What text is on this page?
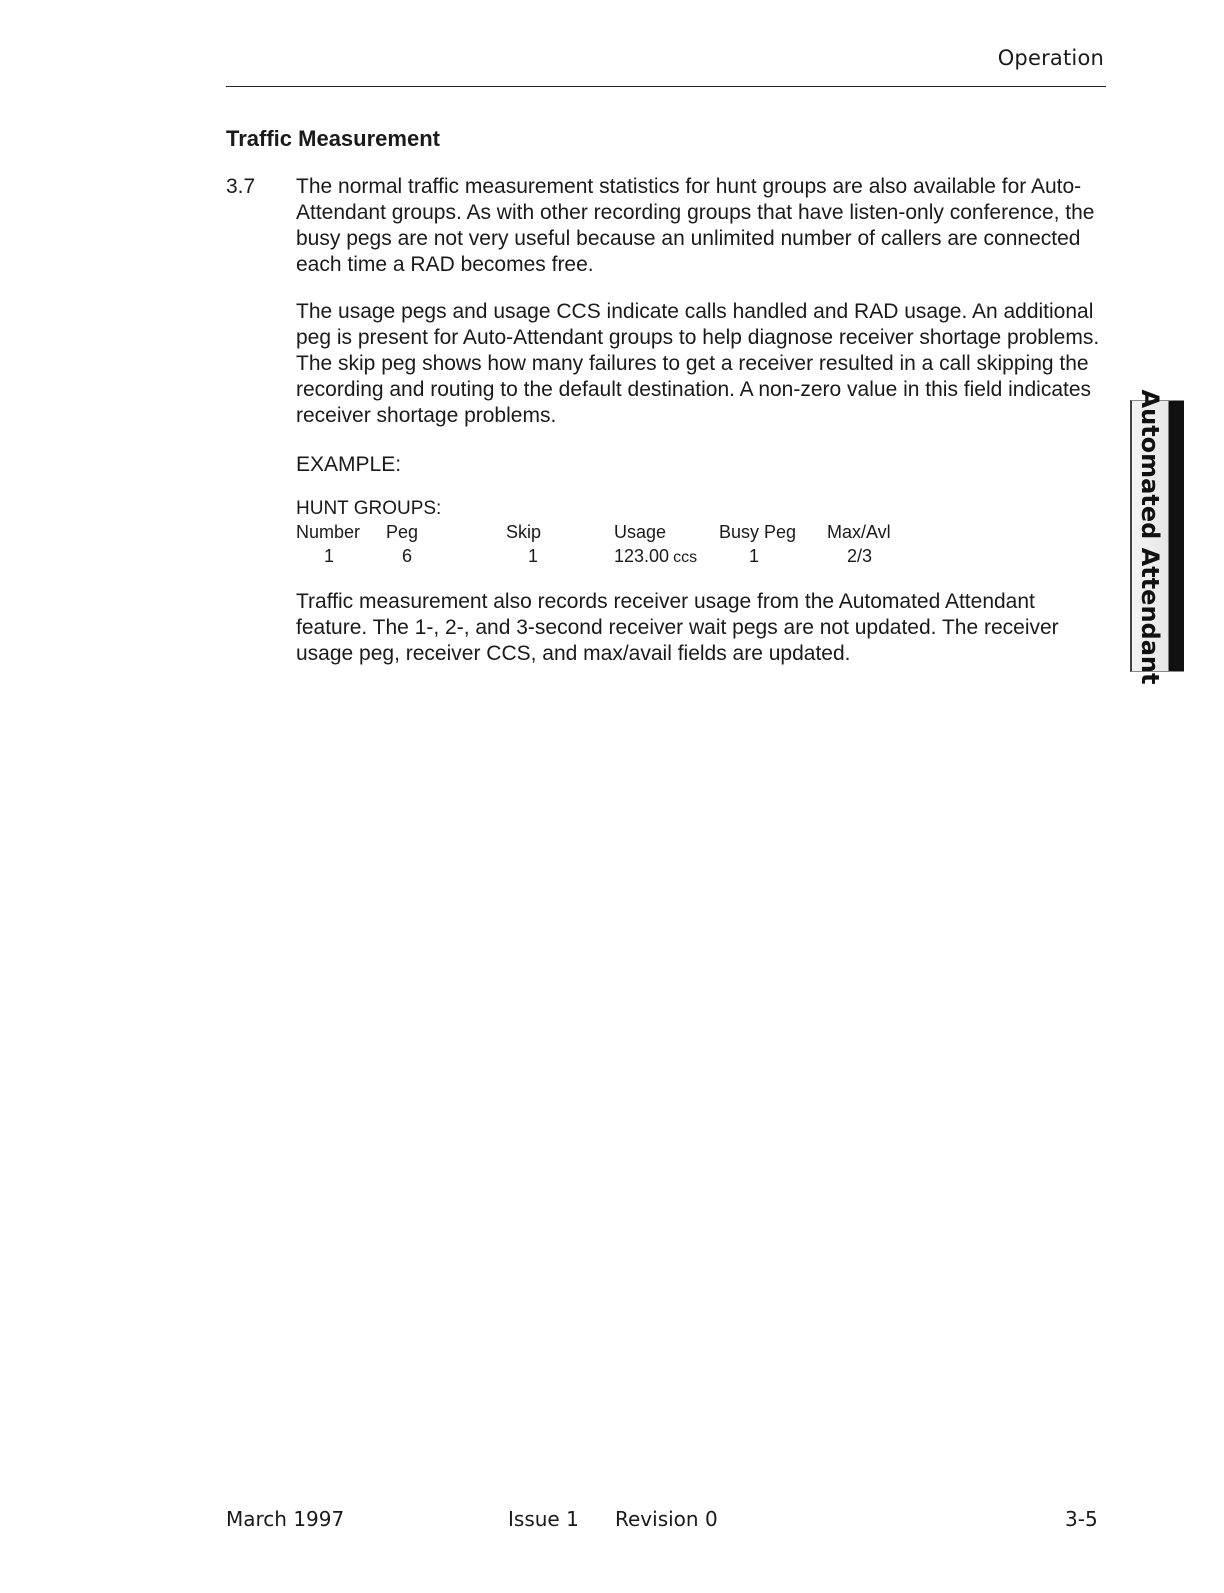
Operation
Traffic Measurement
3.7 The normal traffic measurement statistics for hunt groups are also available for Auto-Attendant groups. As with other recording groups that have listen-only conference, the busy pegs are not very useful because an unlimited number of callers are connected each time a RAD becomes free.

The usage pegs and usage CCS indicate calls handled and RAD usage. An additional peg is present for Auto-Attendant groups to help diagnose receiver shortage problems. The skip peg shows how many failures to get a receiver resulted in a call skipping the recording and routing to the default destination. A non-zero value in this field indicates receiver shortage problems.

EXAMPLE:
HUNT GROUPS:
Number	Peg	Skip	Usage	Busy Peg	Max/Avl
1	6	1	123.00 ccs	1	2/3

Traffic measurement also records receiver usage from the Automated Attendant feature. The 1-, 2-, and 3-second receiver wait pegs are not updated. The receiver usage peg, receiver CCS, and max/avail fields are updated.	Automated Attendant
March 1997	Issue 1 Revision 0	3-5
